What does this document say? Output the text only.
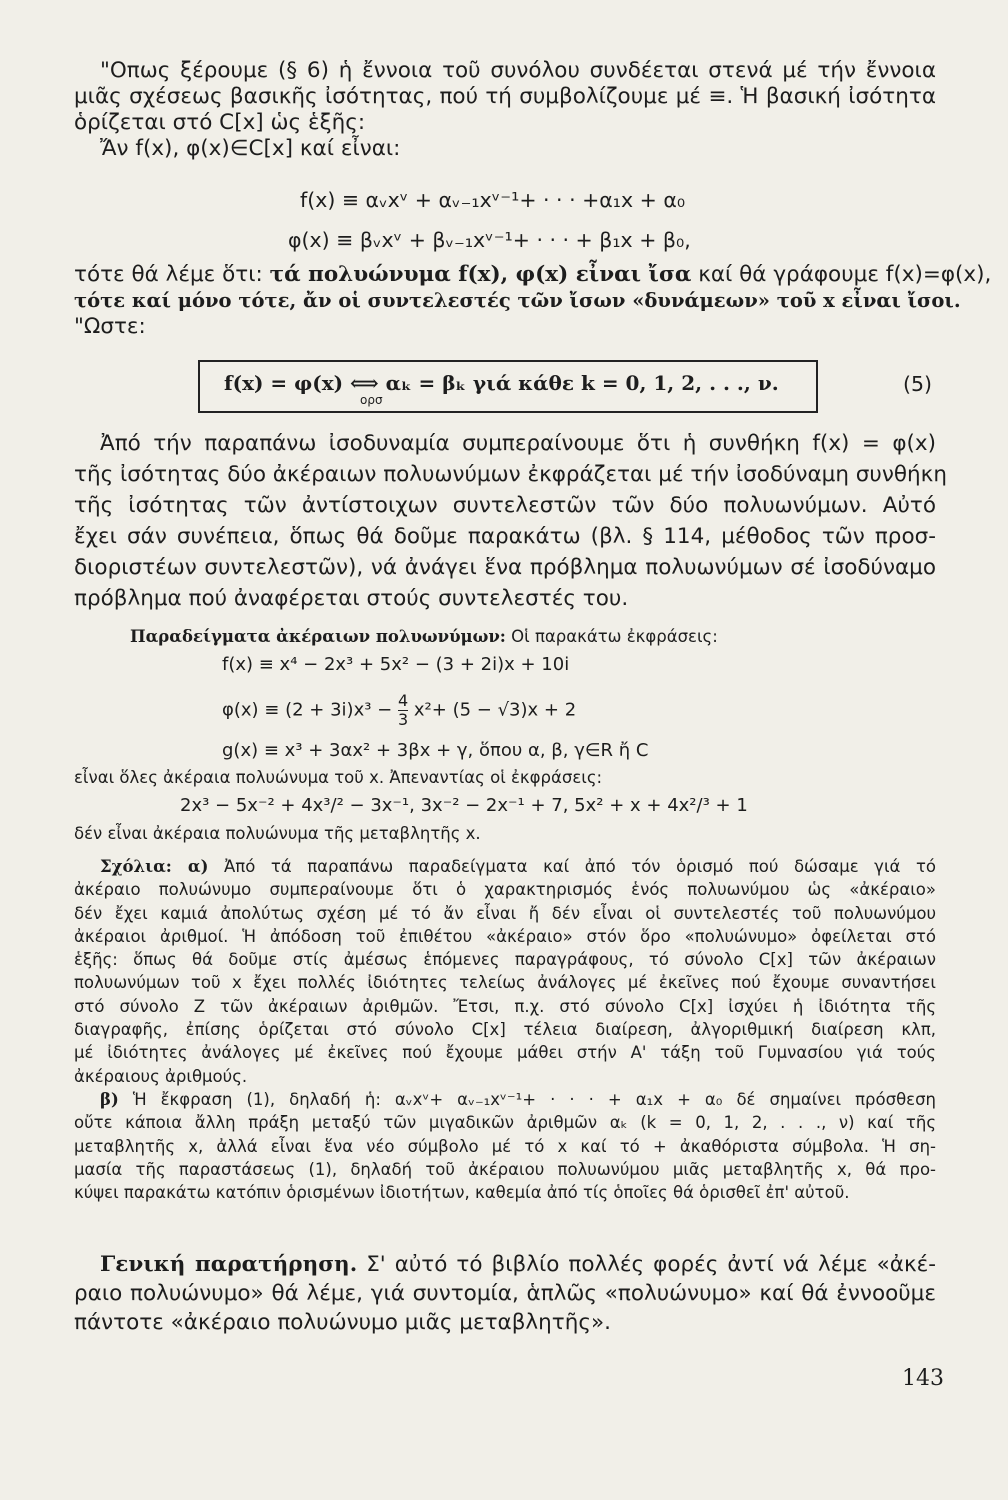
"Οπως ξέρουμε (§ 6) ἡ ἔννοια τοῦ συνόλου συνδέεται στενά μέ τήν ἔννοια
μιᾶς σχέσεως βασικῆς ἰσότητας, πού τή συμβολίζουμε μέ ≡. Ἡ βασική ἰσότητα
ὁρίζεται στό C[x] ὡς ἑξῆς:
Ἄν f(x), φ(x)∈C[x] καί εἶναι:
f(x) ≡ αᵥxᵛ + αᵥ₋₁xᵛ⁻¹+ · · · +α₁x + α₀
φ(x) ≡ βᵥxᵛ + βᵥ₋₁xᵛ⁻¹+ · · · + β₁x + β₀,
τότε θά λέμε ὅτι: τά πολυώνυμα f(x), φ(x) εἶναι ἴσα καί θά γράφουμε f(x)=φ(x),
τότε καί μόνο τότε, ἄν οἱ συντελεστές τῶν ἴσων «δυνάμεων» τοῦ x εἶναι ἴσοι.
"Ωστε:
f(x) = φ(x) ⟺ αₖ = βₖ γιά κάθε k = 0, 1, 2, . . ., ν.
ορσ
(5)
Ἀπό τήν παραπάνω ἰσοδυναμία συμπεραίνουμε ὅτι ἡ συνθήκη f(x) = φ(x)
τῆς ἰσότητας δύο ἀκέραιων πολυωνύμων ἐκφράζεται μέ τήν ἰσοδύναμη συνθήκη
τῆς ἰσότητας τῶν ἀντίστοιχων συντελεστῶν τῶν δύο πολυωνύμων. Αὐτό
ἔχει σάν συνέπεια, ὅπως θά δοῦμε παρακάτω (βλ. § 114, μέθοδος τῶν προσ-
διοριστέων συντελεστῶν), νά ἀνάγει ἕνα πρόβλημα πολυωνύμων σέ ἰσοδύναμο
πρόβλημα πού ἀναφέρεται στούς συντελεστές του.
Παραδείγματα ἀκέραιων πολυωνύμων: Οἱ παρακάτω ἐκφράσεις:
f(x) ≡ x⁴ − 2x³ + 5x² − (3 + 2i)x + 10i
$\varphi(x) \equiv (2 + 3i)x^3 - \frac{4}{3} x^2+ (5 - √3)x + 2$
g(x) ≡ x³ + 3αx² + 3βx + γ, ὅπου α, β, γ∈R ἤ C
εἶναι ὅλες ἀκέραια πολυώνυμα τοῦ x. Ἀπεναντίας οἱ ἐκφράσεις:
2x³ − 5x⁻² + 4x³/² − 3x⁻¹, 3x⁻² − 2x⁻¹ + 7, 5x² + x + 4x²/³ + 1
δέν εἶναι ἀκέραια πολυώνυμα τῆς μεταβλητῆς x.
Σχόλια: α) Ἀπό τά παραπάνω παραδείγματα καί ἀπό τόν ὁρισμό πού δώσαμε γιά τό
ἀκέραιο πολυώνυμο συμπεραίνουμε ὅτι ὁ χαρακτηρισμός ἑνός πολυωνύμου ὡς «ἀκέραιο»
δέν ἔχει καμιά ἀπολύτως σχέση μέ τό ἄν εἶναι ἤ δέν εἶναι οἱ συντελεστές τοῦ πολυωνύμου
ἀκέραιοι ἀριθμοί. Ἡ ἀπόδοση τοῦ ἐπιθέτου «ἀκέραιο» στόν ὅρο «πολυώνυμο» ὀφείλεται στό
ἑξῆς: ὅπως θά δοῦμε στίς ἀμέσως ἑπόμενες παραγράφους, τό σύνολο C[x] τῶν ἀκέραιων
πολυωνύμων τοῦ x ἔχει πολλές ἰδιότητες τελείως ἀνάλογες μέ ἐκεῖνες πού ἔχουμε συναντήσει
στό σύνολο Z τῶν ἀκέραιων ἀριθμῶν. Ἔτσι, π.χ. στό σύνολο C[x] ἰσχύει ἡ ἰδιότητα τῆς
διαγραφῆς, ἐπίσης ὁρίζεται στό σύνολο C[x] τέλεια διαίρεση, ἀλγοριθμική διαίρεση κλπ,
μέ ἰδιότητες ἀνάλογες μέ ἐκεῖνες πού ἔχουμε μάθει στήν Α' τάξη τοῦ Γυμνασίου γιά τούς
ἀκέραιους ἀριθμούς.
β) Ἡ ἔκφραση (1), δηλαδή ἡ: αᵥxᵛ+ αᵥ₋₁xᵛ⁻¹+ · · · + α₁x + α₀ δέ σημαίνει πρόσθεση
οὔτε κάποια ἄλλη πράξη μεταξύ τῶν μιγαδικῶν ἀριθμῶν αₖ (k = 0, 1, 2, . . ., ν) καί τῆς
μεταβλητῆς x, ἀλλά εἶναι ἕνα νέο σύμβολο μέ τό x καί τό + ἀκαθόριστα σύμβολα. Ἡ ση-
μασία τῆς παραστάσεως (1), δηλαδή τοῦ ἀκέραιου πολυωνύμου μιᾶς μεταβλητῆς x, θά προ-
κύψει παρακάτω κατόπιν ὁρισμένων ἰδιοτήτων, καθεμία ἀπό τίς ὁποῖες θά ὁρισθεῖ ἐπ' αὐτοῦ.
Γενική παρατήρηση. Σ' αὐτό τό βιβλίο πολλές φορές ἀντί νά λέμε «ἀκέ-
ραιο πολυώνυμο» θά λέμε, γιά συντομία, ἁπλῶς «πολυώνυμο» καί θά ἐννοοῦμε
πάντοτε «ἀκέραιο πολυώνυμο μιᾶς μεταβλητῆς».
143
